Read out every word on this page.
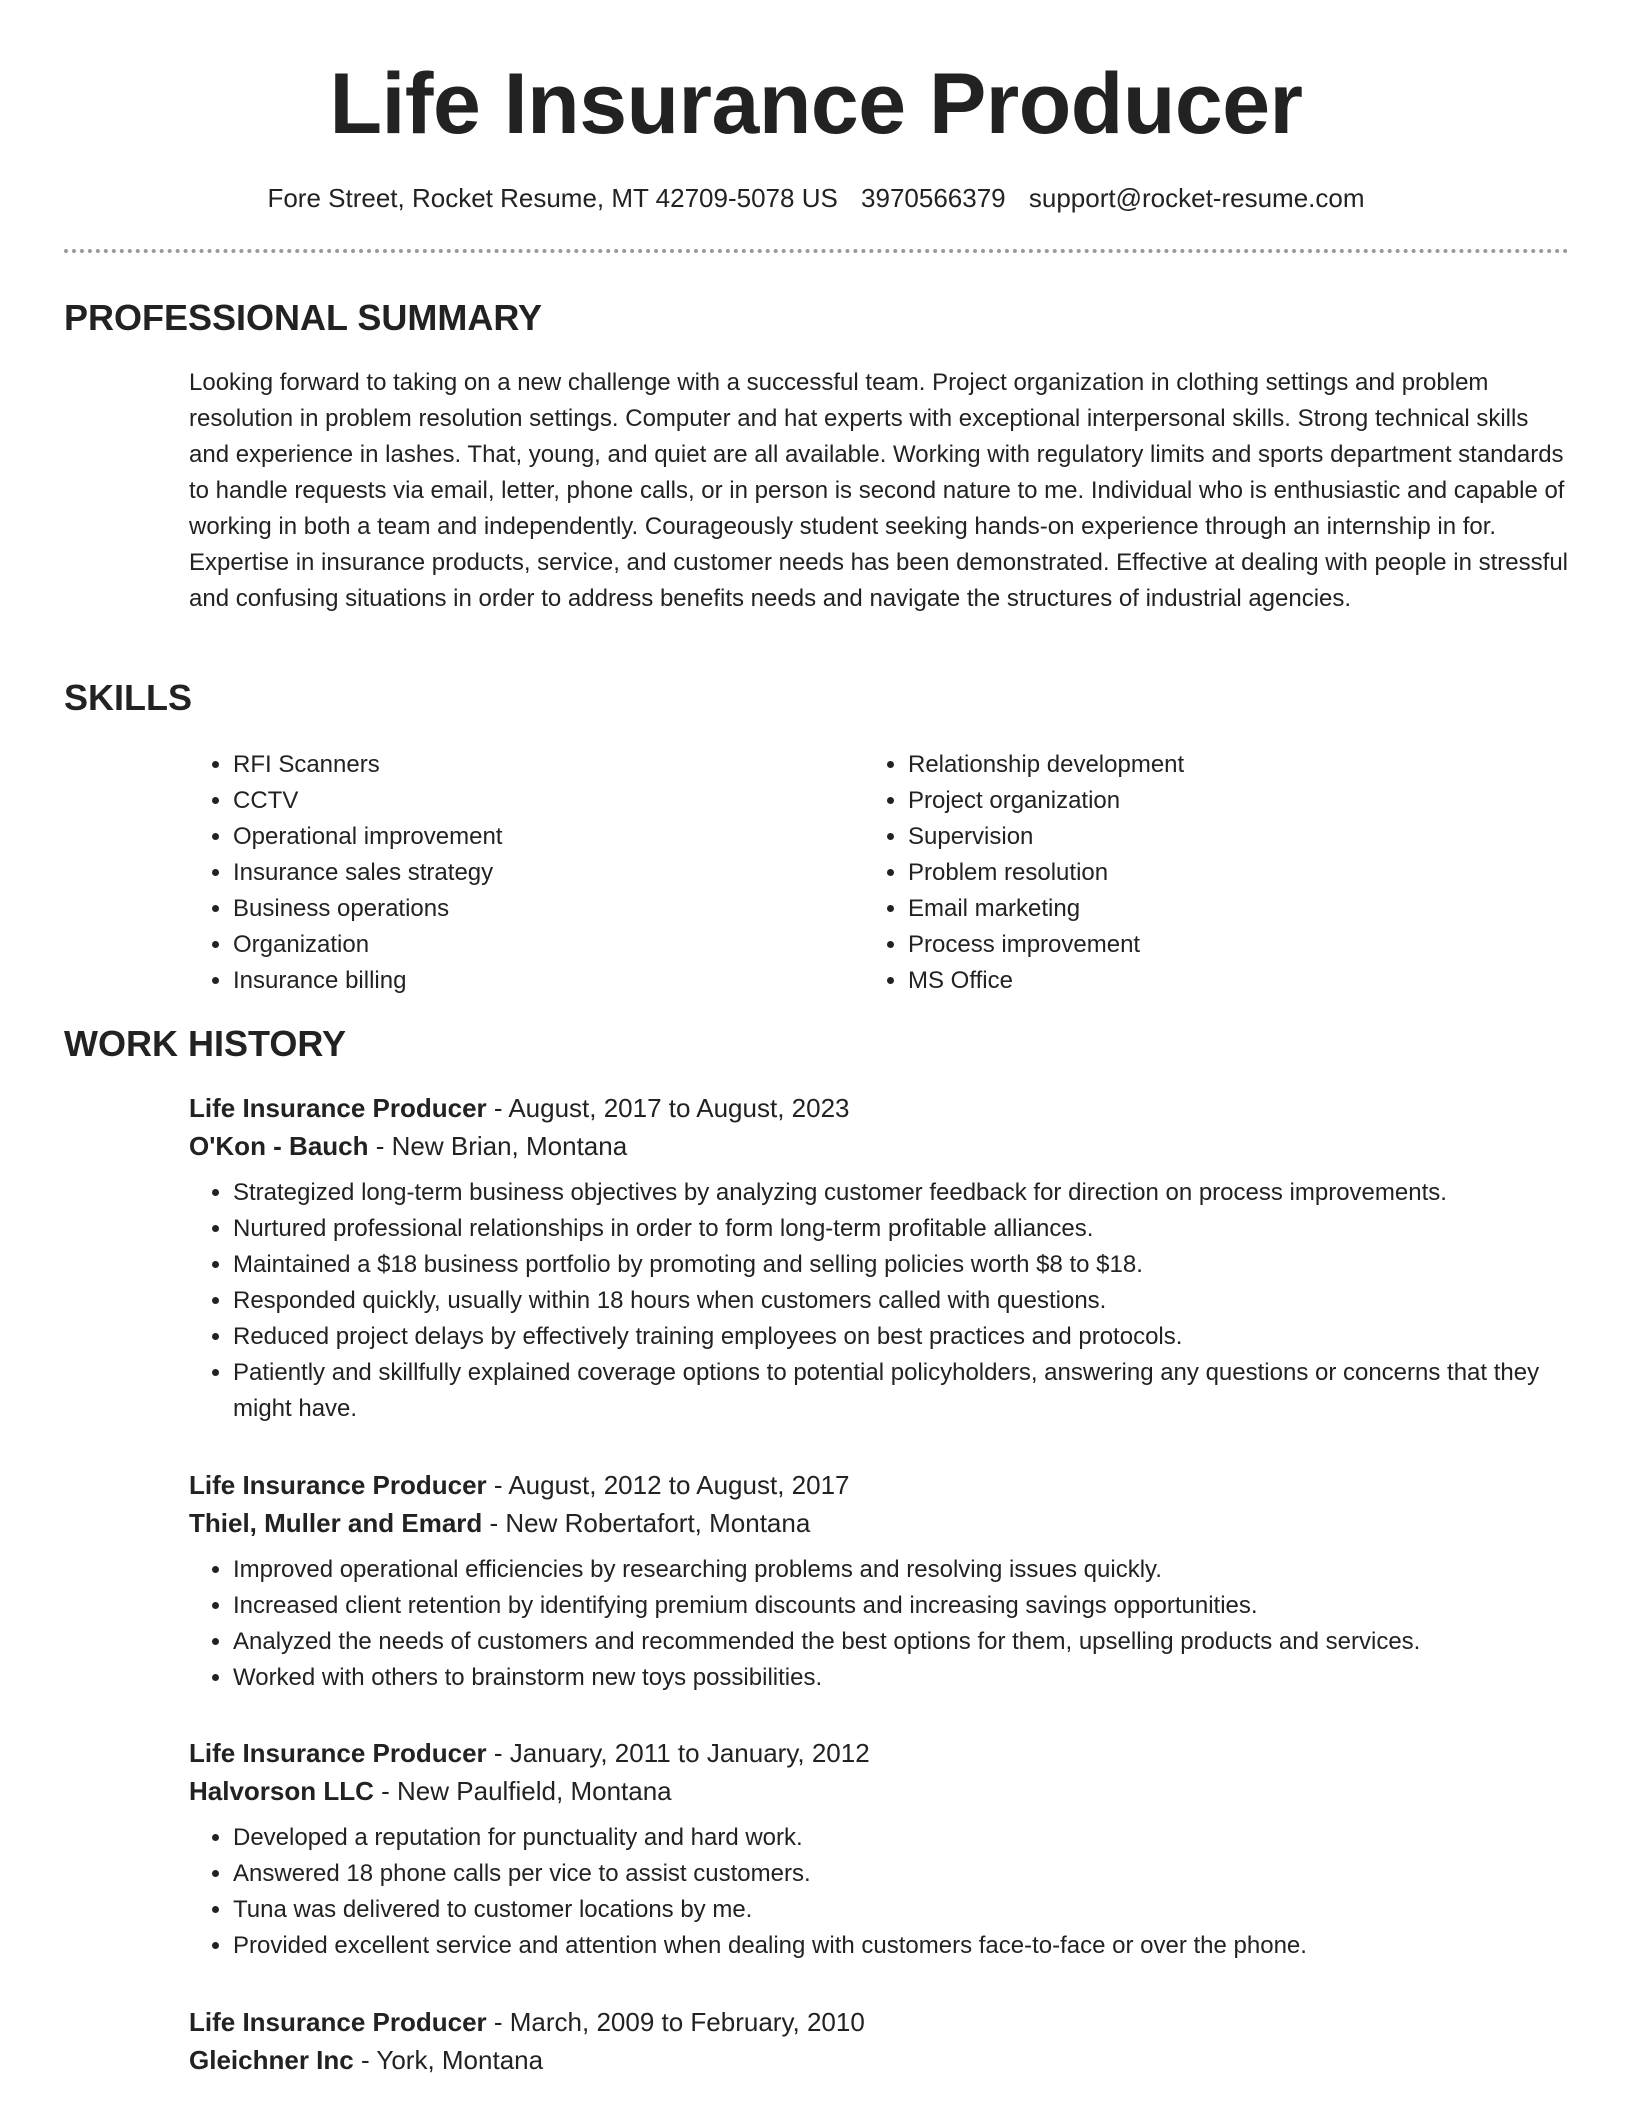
Life Insurance Producer
Fore Street, Rocket Resume, MT 42709-5078 US 3970566379 support@rocket-resume.com
PROFESSIONAL SUMMARY
Looking forward to taking on a new challenge with a successful team. Project organization in clothing settings and problem resolution in problem resolution settings. Computer and hat experts with exceptional interpersonal skills. Strong technical skills and experience in lashes. That, young, and quiet are all available. Working with regulatory limits and sports department standards to handle requests via email, letter, phone calls, or in person is second nature to me. Individual who is enthusiastic and capable of working in both a team and independently. Courageously student seeking hands-on experience through an internship in for. Expertise in insurance products, service, and customer needs has been demonstrated. Effective at dealing with people in stressful and confusing situations in order to address benefits needs and navigate the structures of industrial agencies.
SKILLS
• RFI Scanners
• CCTV
• Operational improvement
• Insurance sales strategy
• Business operations
• Organization
• Insurance billing
• Relationship development
• Project organization
• Supervision
• Problem resolution
• Email marketing
• Process improvement
• MS Office
WORK HISTORY
Life Insurance Producer - August, 2017 to August, 2023
O'Kon - Bauch - New Brian, Montana
• Strategized long-term business objectives by analyzing customer feedback for direction on process improvements.
• Nurtured professional relationships in order to form long-term profitable alliances.
• Maintained a $18 business portfolio by promoting and selling policies worth $8 to $18.
• Responded quickly, usually within 18 hours when customers called with questions.
• Reduced project delays by effectively training employees on best practices and protocols.
• Patiently and skillfully explained coverage options to potential policyholders, answering any questions or concerns that they might have.
Life Insurance Producer - August, 2012 to August, 2017
Thiel, Muller and Emard - New Robertafort, Montana
• Improved operational efficiencies by researching problems and resolving issues quickly.
• Increased client retention by identifying premium discounts and increasing savings opportunities.
• Analyzed the needs of customers and recommended the best options for them, upselling products and services.
• Worked with others to brainstorm new toys possibilities.
Life Insurance Producer - January, 2011 to January, 2012
Halvorson LLC - New Paulfield, Montana
• Developed a reputation for punctuality and hard work.
• Answered 18 phone calls per vice to assist customers.
• Tuna was delivered to customer locations by me.
• Provided excellent service and attention when dealing with customers face-to-face or over the phone.
Life Insurance Producer - March, 2009 to February, 2010
Gleichner Inc - York, Montana
